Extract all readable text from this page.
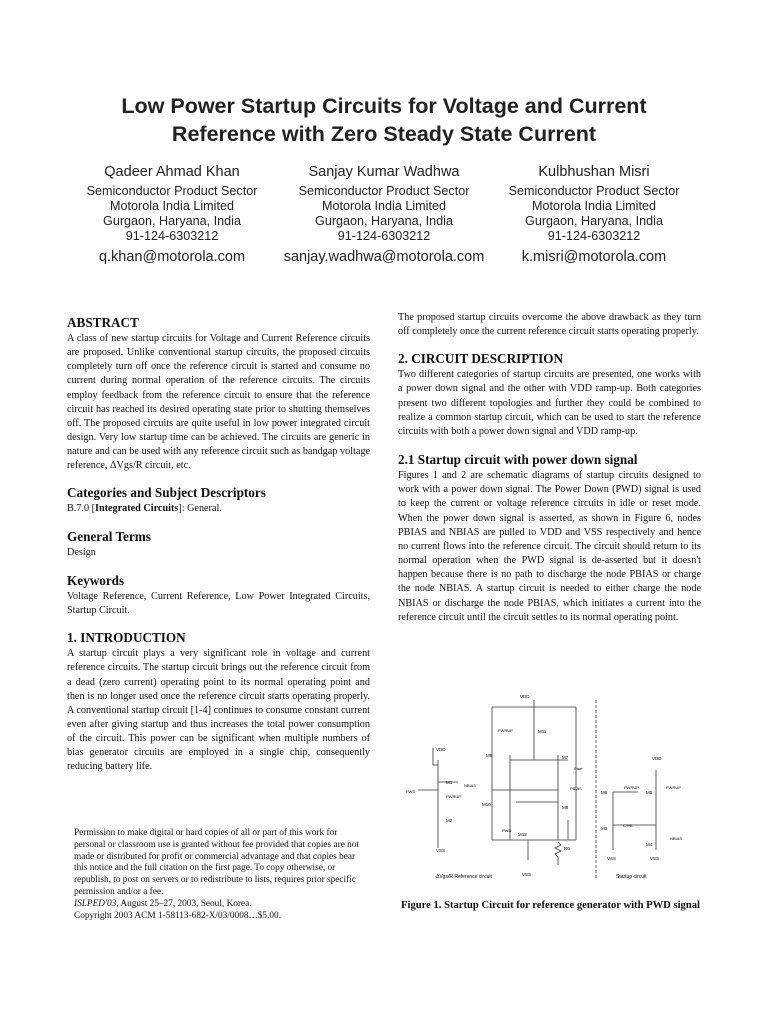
Low Power Startup Circuits for Voltage and Current
Reference with Zero Steady State Current
Qadeer Ahmad Khan
Semiconductor Product Sector
Motorola India Limited
Gurgaon, Haryana, India
91-124-6303212
q.khan@motorola.com
Sanjay Kumar Wadhwa
Semiconductor Product Sector
Motorola India Limited
Gurgaon, Haryana, India
91-124-6303212
sanjay.wadhwa@motorola.com
Kulbhushan Misri
Semiconductor Product Sector
Motorola India Limited
Gurgaon, Haryana, India
91-124-6303212
k.misri@motorola.com
ABSTRACT

A class of new startup circuits for Voltage and Current Reference circuits are proposed. Unlike conventional startup circuits, the proposed circuits completely turn off once the reference circuit is started and consume no current during normal operation of the reference circuits. The circuits employ feedback from the reference circuit to ensure that the reference circuit has reached its desired operating state prior to shutting themselves off. The proposed circuits are quite useful in low power integrated circuit design. Very low startup time can be achieved. The circuits are generic in nature and can be used with any reference circuit such as bandgap voltage reference, ΔVgs/R circuit, etc.

Categories and Subject Descriptors

B.7.0 [Integrated Circuits]: General.

General Terms

Design

Keywords

Voltage Reference, Current Reference, Low Power Integrated Circuits, Startup Circuit.

1. INTRODUCTION

A startup circuit plays a very significant role in voltage and current reference circuits. The startup circuit brings out the reference circuit from a dead (zero current) operating point to its normal operating point and then is no longer used once the reference circuit starts operating properly. A conventional startup circuit [1-4] continues to consume constant current even after giving startup and thus increases the total power consumption of the circuit. This power can be significant when multiple numbers of bias generator circuits are employed in a single chip, consequently reducing battery life.

Permission to make digital or hard copies of all or part of this work for personal or classroom use is granted without fee provided that copies are not made or distributed for profit or commercial advantage and that copies bear this notice and the full citation on the first page. To copy otherwise, or republish, to post on servers or to redistribute to lists, requires prior specific permission and/or a fee.

ISLPED'03, August 25–27, 2003, Seoul, Korea.

Copyright 2003 ACM 1-58113-682-X/03/0008…$5.00.

The proposed startup circuits overcome the above drawback as they turn off completely once the current reference circuit starts operating properly.

2. CIRCUIT DESCRIPTION

Two different categories of startup circuits are presented, one works with a power down signal and the other with VDD ramp-up. Both categories present two different topologies and further they could be combined to realize a common startup circuit, which can be used to start the reference circuits with both a power down signal and VDD ramp-up.

2.1 Startup circuit with power down signal

Figures 1 and 2 are schematic diagrams of startup circuits designed to work with a power down signal. The Power Down (PWD) signal is used to keep the current or voltage reference circuits in idle or reset mode. When the power down signal is asserted, as shown in Figure 6, nodes PBIAS and NBIAS are pulled to VDD and VSS respectively and hence no current flows into the reference circuit. The circuit should return to its normal operation when the PWD signal is de-asserted but it doesn't happen because there is no path to discharge the node PBIAS or charge the node NBIAS. A startup circuit is needed to either charge the node NBIAS or discharge the node PBIAS, which initiates a current into the reference circuit until the circuit settles to its normal operating point.

VDD
PWRUP	M11
M9	M7
Start
NBIAS
PBIAS
M10
M8
PWD
M12
R0
VSS
ΔVgs/R Reference circuit
VDD
M1
PWD
PWRUP
M2
VSS
VDD
M6
PWRUP
M5
PWRUP
M3
CTRL
NBIAS
M4
VSS	VSS
Startup circuit
Figure 1. Startup Circuit for reference generator with PWD signal
